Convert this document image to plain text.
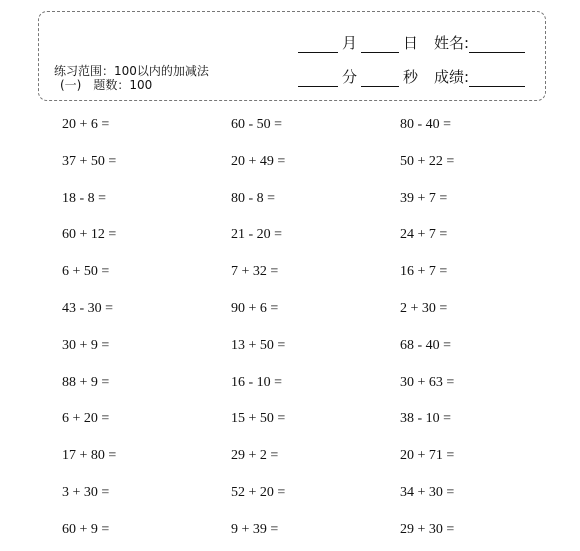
练习范围：100以内的加减法
(一) 题数：100
月	日 姓名:
分	秒 成绩:
20 + 6 =	60 - 50 =	80 - 40 =
37 + 50 =	20 + 49 =	50 + 22 =
18 - 8 =	80 - 8 =	39 + 7 =
60 + 12 =	21 - 20 =	24 + 7 =
6 + 50 =	7 + 32 =	16 + 7 =
43 - 30 =	90 + 6 =	2 + 30 =
30 + 9 =	13 + 50 =	68 - 40 =
88 + 9 =	16 - 10 =	30 + 63 =
6 + 20 =	15 + 50 =	38 - 10 =
17 + 80 =	29 + 2 =	20 + 71 =
3 + 30 =	52 + 20 =	34 + 30 =
60 + 9 =	9 + 39 =	29 + 30 =
